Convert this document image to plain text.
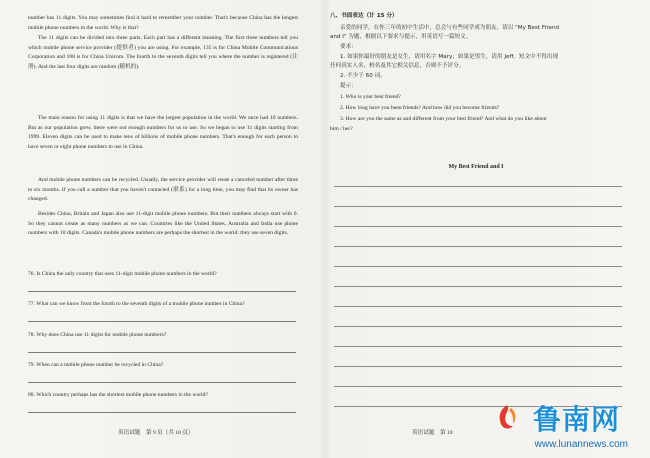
number has 11 digits. You may sometimes find it hard to remember your number. That's because China has the longest mobile phone numbers in the world. Why is that?

The 11 digits can be divided into three parts. Each part has a different meaning. The first three numbers tell you which mobile phone service provider (提供者) you are using. For example, 135 is for China Mobile Communications Corporation and 188 is for China Unicom. The fourth to the seventh digits tell you where the number is registered (注册). And the last four digits are random (随机的).

The main reason for using 11 digits is that we have the largest population in the world. We once had 10 numbers. But as our population grew, there were not enough numbers for us to use. So we began to use 11 digits starting from 1999. Eleven digits can be used to make tens of billions of mobile phone numbers. That's enough for each person to have seven or eight phone numbers to use in China.

And mobile phone numbers can be recycled. Usually, the service provider will reuse a canceled number after three to six months. If you call a number that you haven't contacted (联系) for a long time, you may find that its owner has changed.

Besides China, Britain and Japan also use 11-digit mobile phone numbers. But their numbers always start with 0. So they cannot create as many numbers as we can. Countries like the United States, Australia and India use phone numbers with 10 digits. Canada's mobile phone numbers are perhaps the shortest in the world: they use seven digits.

76. Is China the only country that uses 11-digit mobile phone numbers in the world?

77. What can we know from the fourth to the seventh digits of a mobile phone number in China?

78. Why does China use 11 digits for mobile phone numbers?

79. When can a mobile phone number be recycled in China?

80. Which country perhaps has the shortest mobile phone numbers in the world?

英语试题　第 9 页（共 10 页）

八、书面表达（计 15 分）

亲爱的同学，在你三年的初中生活中，总会与有些同学成为朋友。请以 "My Best Friend

and I" 为题，根据以下要求与提示，用英语写一篇短文。

要求：

1. 如果你最好的朋友是女生，请用名字 Mary；如果是男生，请用 Jeff。短文中不得出现

任何真实人名、校名及其它相关信息，否则不予评分。

2. 不少于 60 词。

提示：

1. Who is your best friend?

2. How long have you been friends? And how did you become friends?

3. How are you the same as and different from your best friend? And what do you like about

him / her?

My Best Friend and I
英语试题　第 10	鲁南网
www.lunannews.com
